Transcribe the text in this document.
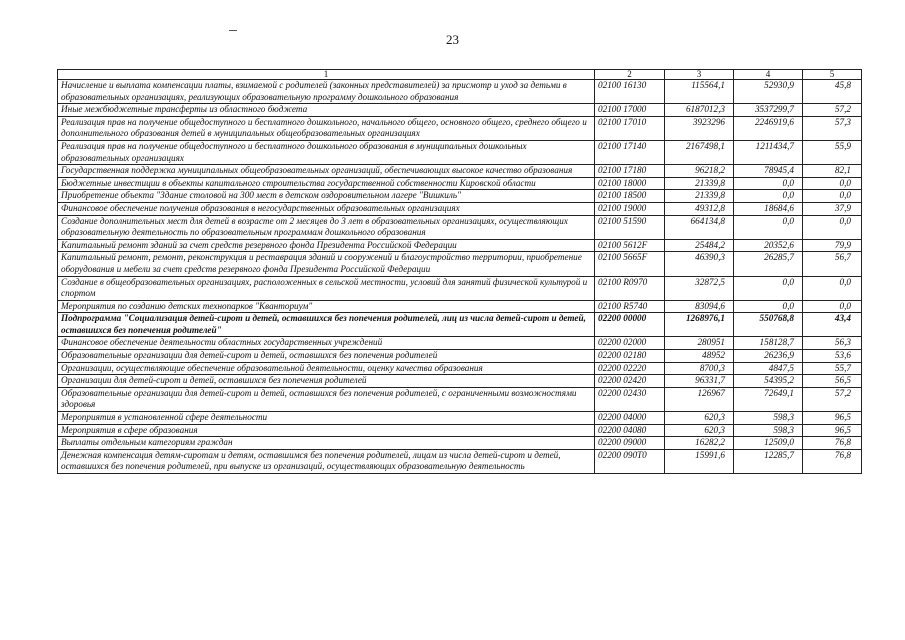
23
1	2	3	4	5
Начисление и выплата компенсации платы, взимаемой с родителей (законных представителей) за присмотр и уход за детьми в образовательных организациях, реализующих образовательную программу дошкольного образования	02100 16130	115564,1	52930,9	45,8
Иные межбюджетные трансферты из областного бюджета	02100 17000	6187012,3	3537299,7	57,2
Реализация прав на получение общедоступного и бесплатного дошкольного, начального общего, основного общего, среднего общего и дополнительного образования детей в муниципальных общеобразовательных организациях	02100 17010	3923296	2246919,6	57,3
Реализация прав на получение общедоступного и бесплатного дошкольного образования в муниципальных дошкольных образовательных организациях	02100 17140	2167498,1	1211434,7	55,9
Государственная поддержка муниципальных общеобразовательных организаций, обеспечивающих высокое качество образования	02100 17180	96218,2	78945,4	82,1
Бюджетные инвестиции в объекты капитального строительства государственной собственности Кировской области	02100 18000	21339,8	0,0	0,0
Приобретение объекта "Здание столовой на 300 мест в детском оздоровительном лагере "Вишкиль"	02100 18500	21339,8	0,0	0,0
Финансовое обеспечение получения образования в негосударственных образовательных организациях	02100 19000	49312,8	18684,6	37,9
Создание дополнительных мест для детей в возрасте от 2 месяцев до 3 лет в образовательных организациях, осуществляющих образовательную деятельность по образовательным программам дошкольного образования	02100 51590	664134,8	0,0	0,0
Капитальный ремонт зданий за счет средств резервного фонда Президента Российской Федерации	02100 5612F	25484,2	20352,6	79,9
Капитальный ремонт, ремонт, реконструкция и реставрация зданий и сооружений и благоустройство территории, приобретение оборудования и мебели за счет средств резервного фонда Президента Российской Федерации	02100 5665F	46390,3	26285,7	56,7
Создание в общеобразовательных организациях, расположенных в сельской местности, условий для занятий физической культурой и спортом	02100 R0970	32872,5	0,0	0,0
Мероприятия по созданию детских технопарков "Кванториум"	02100 R5740	83094,6	0,0	0,0
Подпрограмма "Социализация детей-сирот и детей, оставшихся без попечения родителей, лиц из числа детей-сирот и детей, оставшихся без попечения родителей"	02200 00000	1268976,1	550768,8	43,4
Финансовое обеспечение деятельности областных государственных учреждений	02200 02000	280951	158128,7	56,3
Образовательные организации для детей-сирот и детей, оставшихся без попечения родителей	02200 02180	48952	26236,9	53,6
Организации, осуществляющие обеспечение образовательной деятельности, оценку качества образования	02200 02220	8700,3	4847,5	55,7
Организации для детей-сирот и детей, оставшихся без попечения родителей	02200 02420	96331,7	54395,2	56,5
Образовательные организации для детей-сирот и детей, оставшихся без попечения родителей, с ограниченными возможностями здоровья	02200 02430	126967	72649,1	57,2
Мероприятия в установленной сфере деятельности	02200 04000	620,3	598,3	96,5
Мероприятия в сфере образования	02200 04080	620,3	598,3	96,5
Выплаты отдельным категориям граждан	02200 09000	16282,2	12509,0	76,8
Денежная компенсация детям-сиротам и детям, оставшимся без попечения родителей, лицам из числа детей-сирот и детей, оставшихся без попечения родителей, при выпуске из организаций, осуществляющих образовательную деятельность	02200 090T0	15991,6	12285,7	76,8
